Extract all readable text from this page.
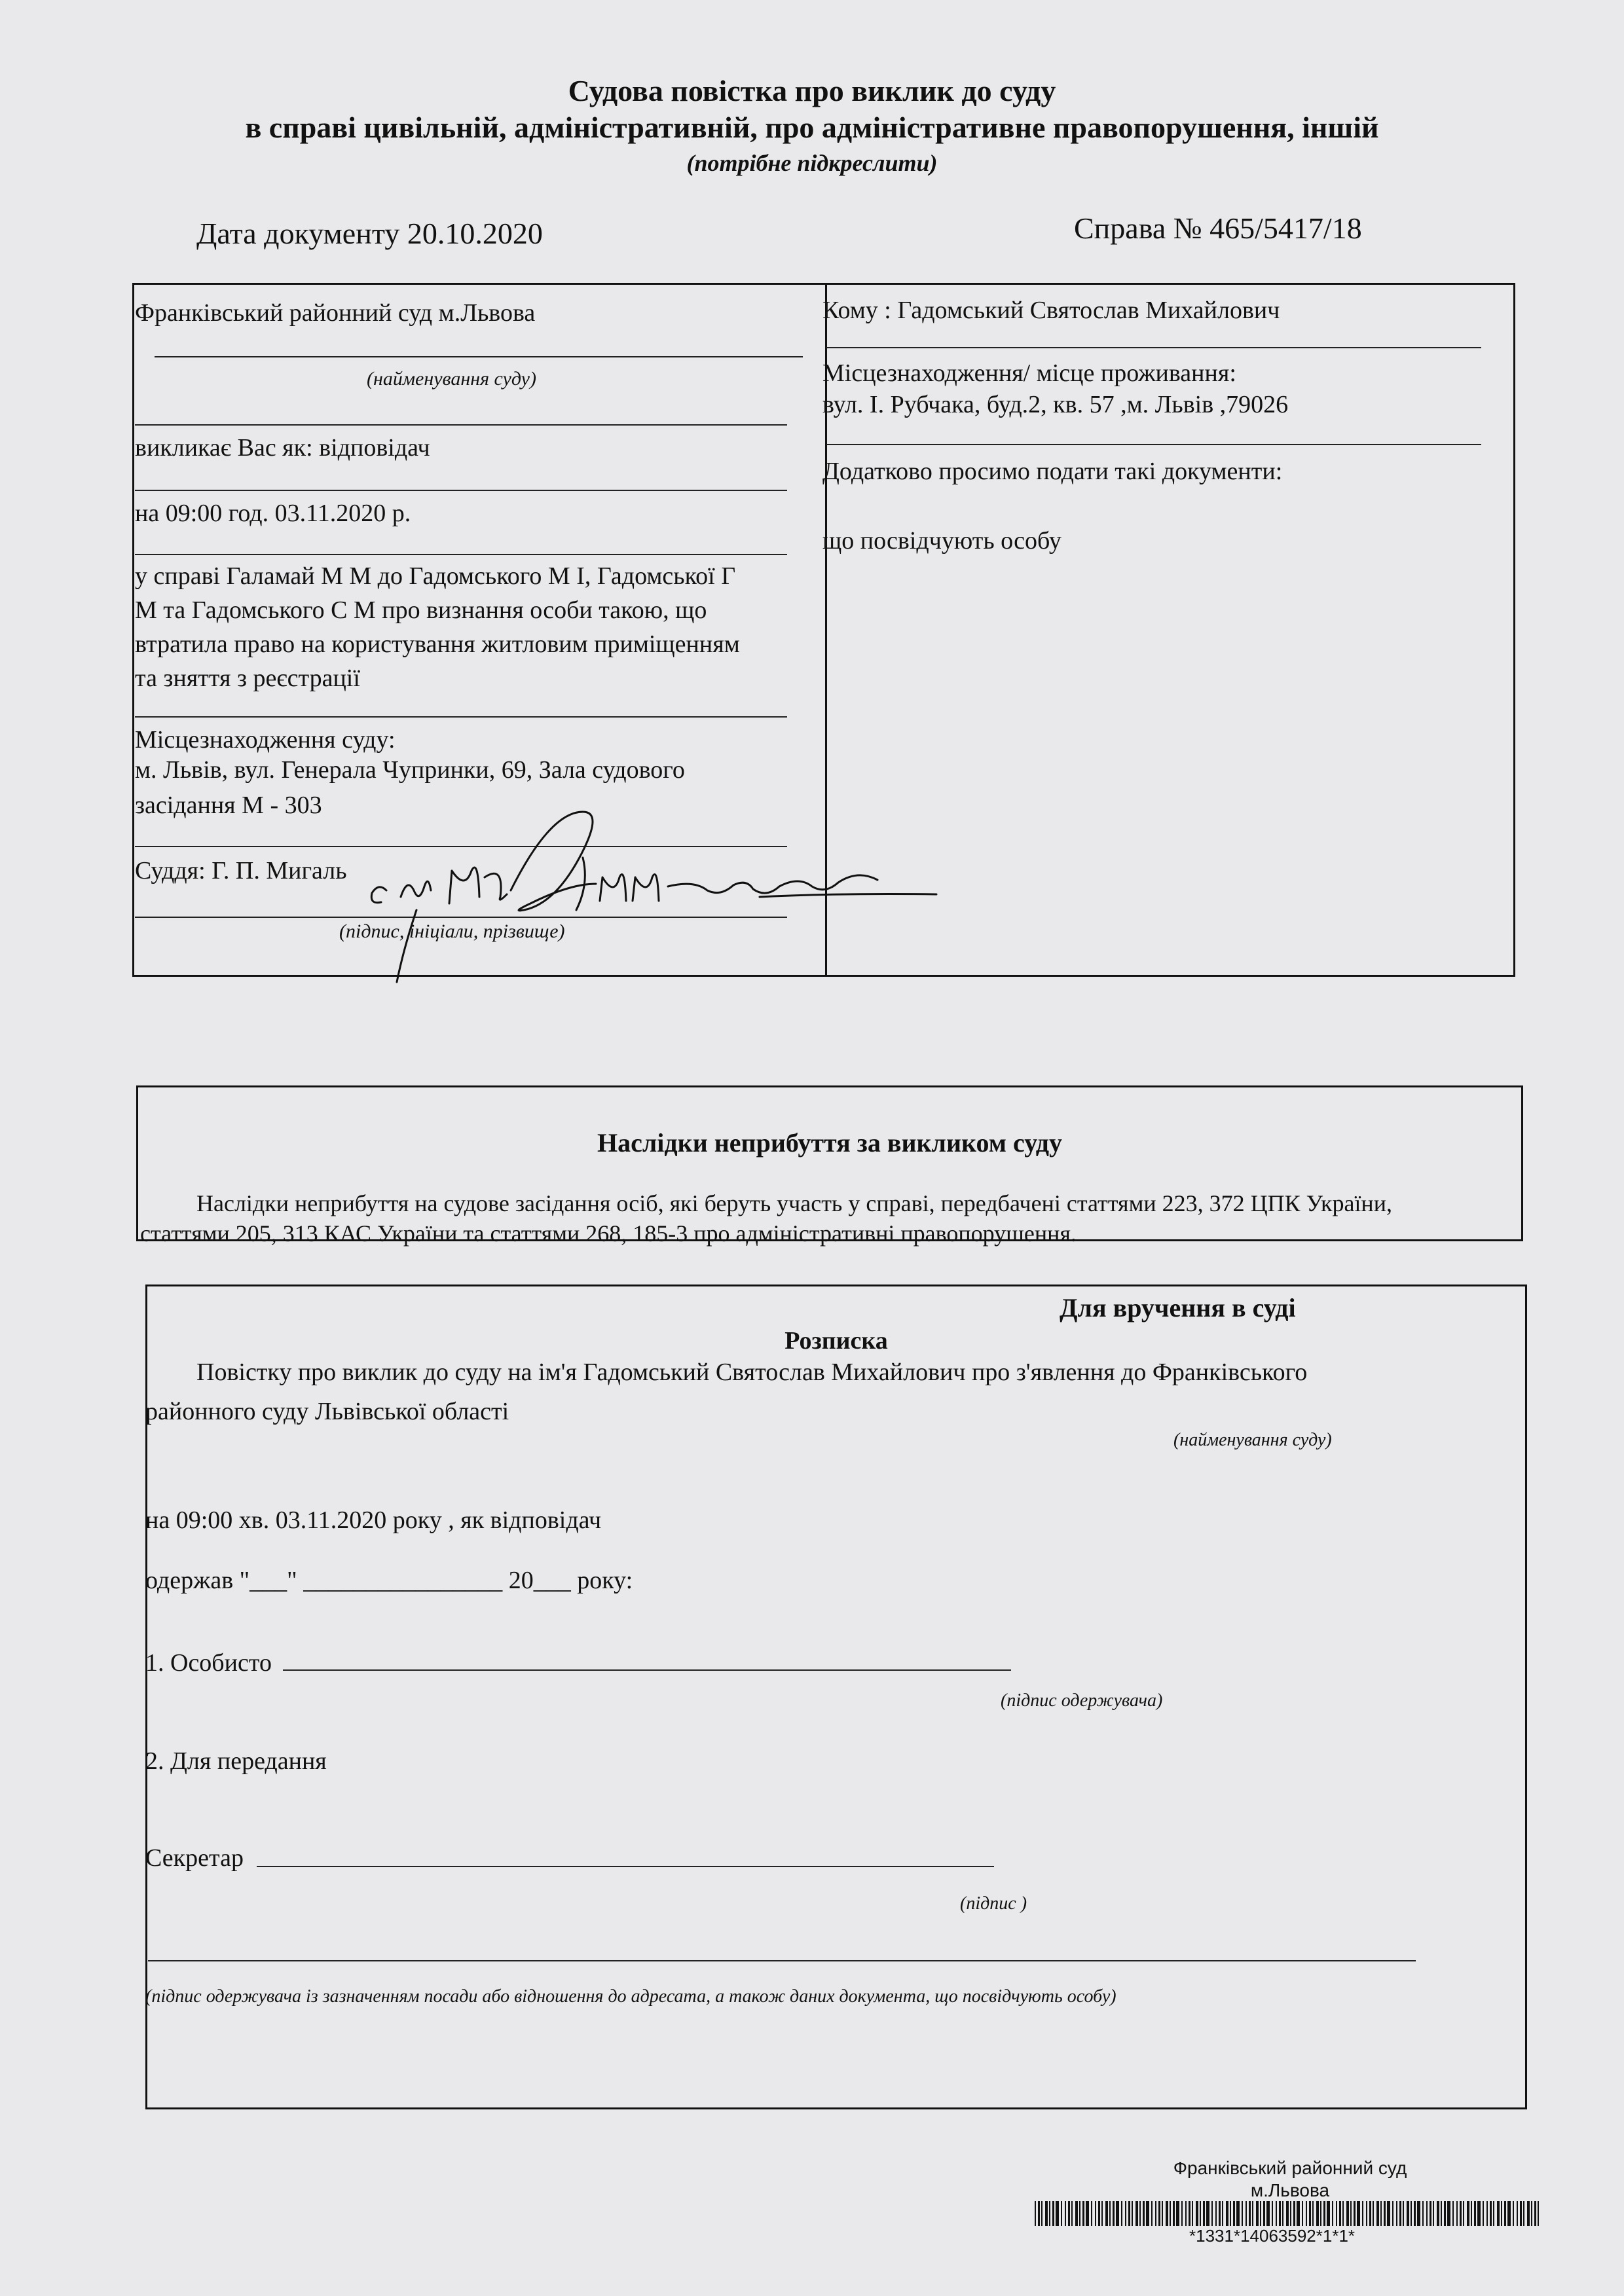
Судова повістка про виклик до суду
в справі цивільній, адміністративній, про адміністративне правопорушення, іншій
(потрібне підкреслити)
Дата документу 20.10.2020	Справа № 465/5417/18
Франківський районний суд м.Львова
(найменування суду)
викликає Вас як: відповідач
на 09:00 год. 03.11.2020 р.
у справі Галамай М М до Гадомського М І, Гадомської Г
М та Гадомського С М про визнання особи такою, що
втратила право на користування житловим приміщенням
та зняття з реєстрації
Місцезнаходження суду:
м. Львів, вул. Генерала Чупринки, 69, Зала судового
засідання М - 303
Суддя: Г. П. Мигаль
(підпис, ініціали, прізвище)
Кому : Гадомський Святослав Михайлович
Місцезнаходження/ місце проживання:
вул. І. Рубчака, буд.2, кв. 57 ,м. Львів ,79026
Додатково просимо подати такі документи:
що посвідчують особу
Наслідки неприбуття за викликом суду
Наслідки неприбуття на судове засідання осіб, які беруть участь у справі, передбачені статтями 223, 372 ЦПК України,
статтями 205, 313 КАС України та статтями 268, 185-3 про адміністративні правопорушення.
Для вручення в суді
Розписка
Повістку про виклик до суду на ім'я Гадомський Святослав Михайлович про з'явлення до Франківського
районного суду Львівської області
(найменування суду)
на 09:00 хв. 03.11.2020 року , як відповідач
одержав "___" ________________ 20___ року:
1. Особисто
(підпис одержувача)
2. Для передання
Секретар
(підпис )
(підпис одержувача із зазначенням посади або відношення до адресата, а також даних документа, що посвідчують особу)
Франківський районний суд
м.Львова
*1331*14063592*1*1*
